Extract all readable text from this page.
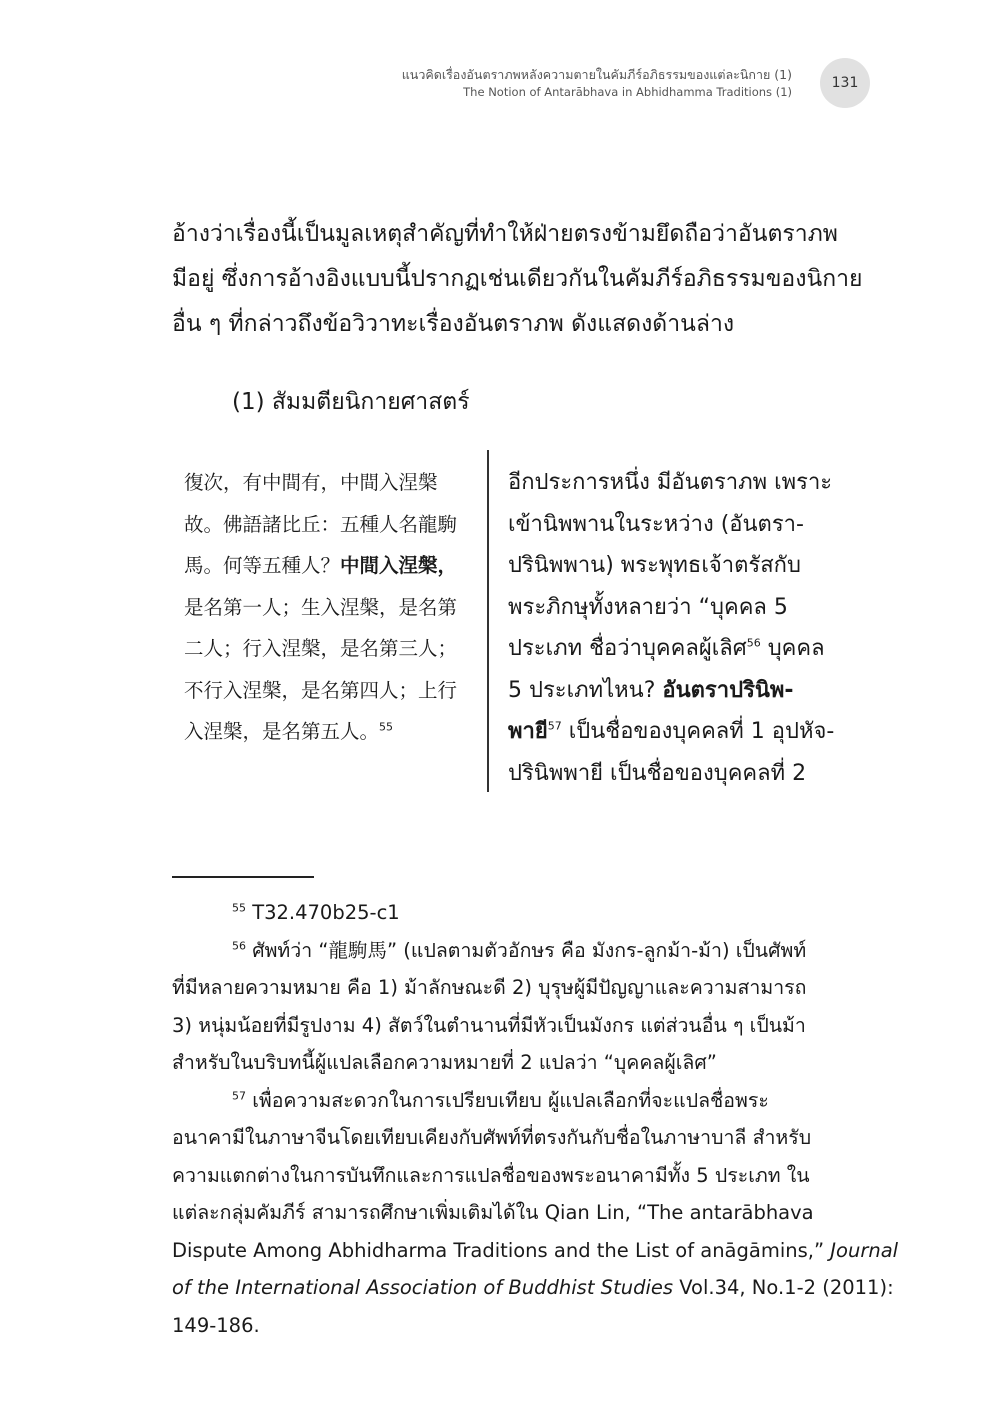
แนวคิดเรื่องอันตราภพหลังความตายในคัมภีร์อภิธรรมของแต่ละนิกาย (1)
The Notion of Antarābhava in Abhidhamma Traditions (1)
131

อ้างว่าเรื่องนี้เป็นมูลเหตุสำคัญที่ทำให้ฝ่ายตรงข้ามยึดถือว่าอันตราภพ

มีอยู่ ซึ่งการอ้างอิงแบบนี้ปรากฏเช่นเดียวกันในคัมภีร์อภิธรรมของนิกาย

อื่น ๆ ที่กล่าวถึงข้อวิวาทะเรื่องอันตราภพ ดังแสดงด้านล่าง

(1) สัมมตียนิกายศาสตร์
復次，有中間有，中間入涅槃
故。佛語諸比丘：五種人名龍駒
馬。何等五種人？中間入涅槃，
是名第一人；生入涅槃，是名第
二人；行入涅槃，是名第三人；
不行入涅槃，是名第四人；上行
入涅槃，是名第五人。$^{55}$
อีกประการหนึ่ง มีอันตราภพ เพราะ
เข้านิพพานในระหว่าง (อันตรา-
ปรินิพพาน) พระพุทธเจ้าตรัสกับ
พระภิกษุทั้งหลายว่า “บุคคล 5
ประเภท ชื่อว่าบุคคลผู้เลิศ$^{56}$ บุคคล
5 ประเภทไหน? อันตราปรินิพ-
พายี$^{57}$ เป็นชื่อของบุคคลที่ 1 อุปหัจ-
ปรินิพพายี เป็นชื่อของบุคคลที่ 2
$^{55}$ T32.470b25-c1
$^{56}$ ศัพท์ว่า “龍駒馬” (แปลตามตัวอักษร คือ มังกร-ลูกม้า-ม้า) เป็นศัพท์
ที่มีหลายความหมาย คือ 1) ม้าลักษณะดี 2) บุรุษผู้มีปัญญาและความสามารถ
3) หนุ่มน้อยที่มีรูปงาม 4) สัตว์ในตำนานที่มีหัวเป็นมังกร แต่ส่วนอื่น ๆ เป็นม้า
สำหรับในบริบทนี้ผู้แปลเลือกความหมายที่ 2 แปลว่า “บุคคลผู้เลิศ”
$^{57}$ เพื่อความสะดวกในการเปรียบเทียบ ผู้แปลเลือกที่จะแปลชื่อพระ
อนาคามีในภาษาจีนโดยเทียบเคียงกับศัพท์ที่ตรงกันกับชื่อในภาษาบาลี สำหรับ
ความแตกต่างในการบันทึกและการแปลชื่อของพระอนาคามีทั้ง 5 ประเภท ใน
แต่ละกลุ่มคัมภีร์ สามารถศึกษาเพิ่มเติมได้ใน Qian Lin, “The antarābhava
Dispute Among Abhidharma Traditions and the List of anāgāmins,” Journal
of the International Association of Buddhist Studies Vol.34, No.1-2 (2011):
149-186.
